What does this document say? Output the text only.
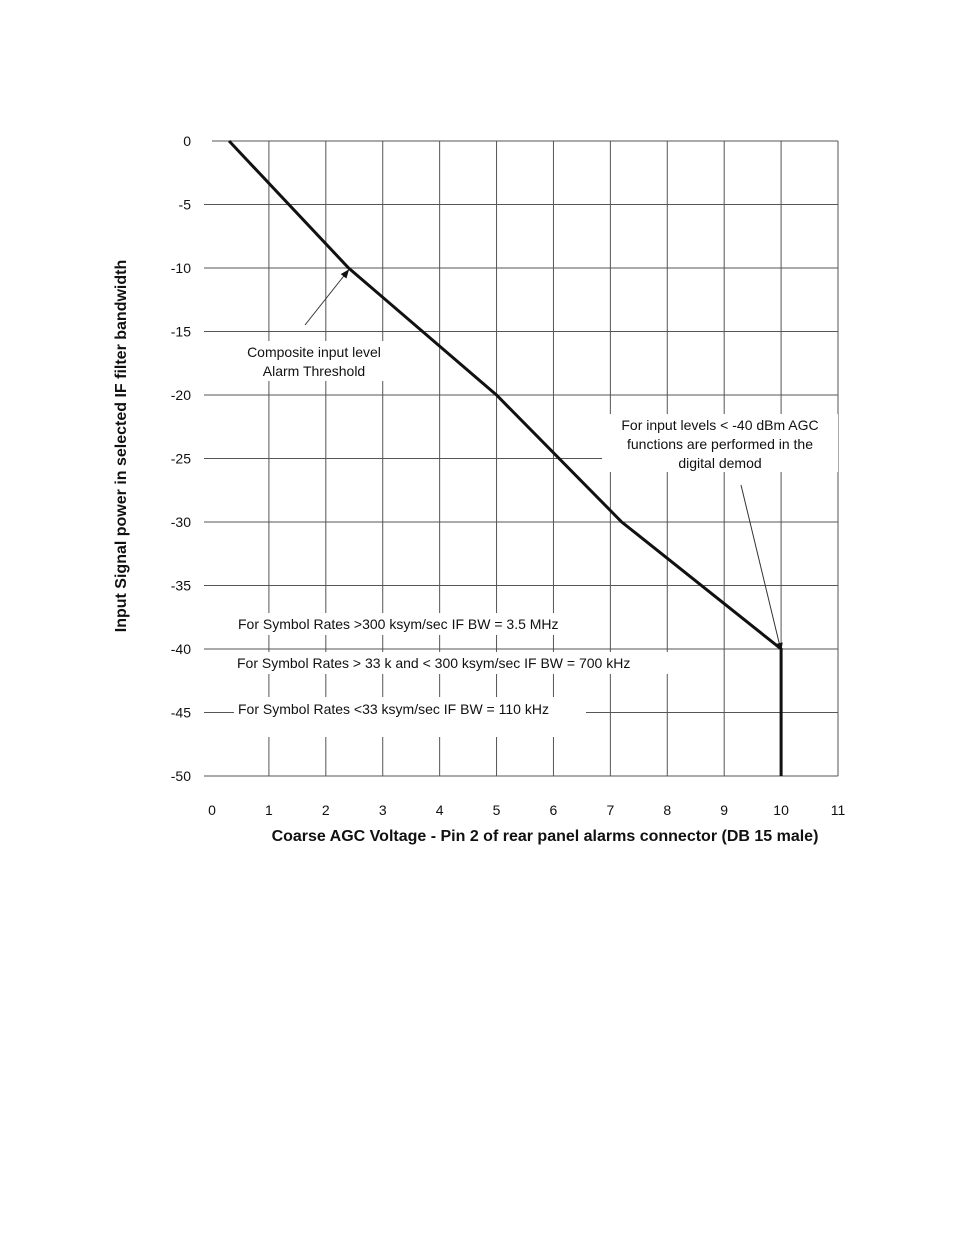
0	1	2	3	4	5	6	7	8	9	10	11
0
-5
-10
-15
-20
-25
-30
-35
-40
-45
-50
Composite input level
Alarm Threshold
For input levels < -40 dBm AGC
functions are performed in the
digital demod
For Symbol Rates >300 ksym/sec IF BW = 3.5 MHz
For Symbol Rates > 33 k and < 300 ksym/sec IF BW = 700 kHz
For Symbol Rates <33 ksym/sec IF BW = 110 kHz
Coarse AGC Voltage - Pin 2 of rear panel alarms connector (DB 15 male)
Input Signal power in selected IF filter bandwidth
